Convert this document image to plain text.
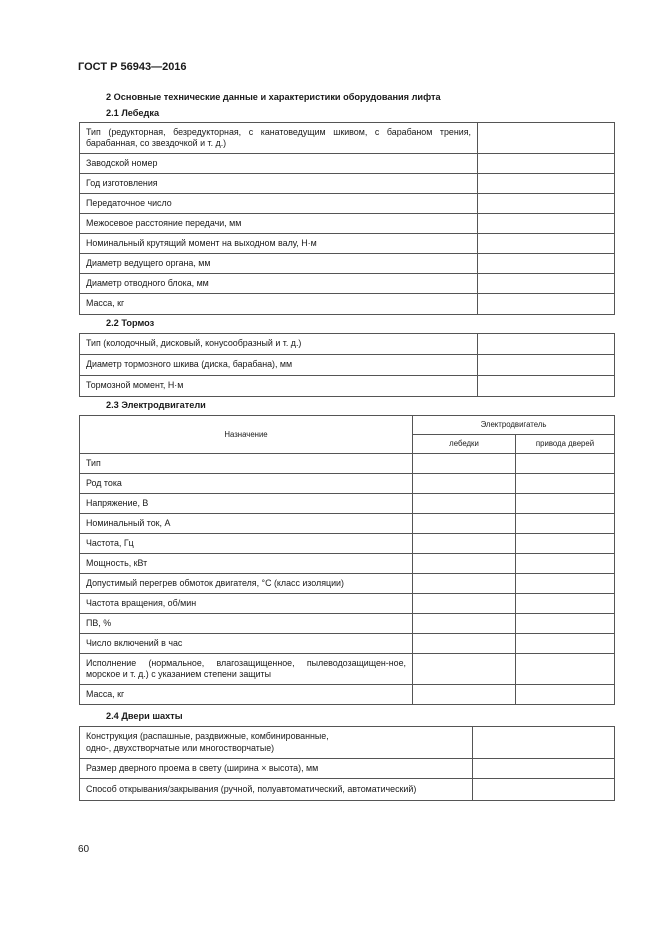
ГОСТ Р 56943—2016
2 Основные технические данные и характеристики оборудования лифта
2.1 Лебедка
Тип (редукторная, безредукторная, с канатоведущим шкивом, с барабаном трения, барабанная, со звездочкой и т. д.)	
Заводской номер	
Год изготовления	
Передаточное число	
Межосевое расстояние передачи, мм	
Номинальный крутящий момент на выходном валу, Н·м	
Диаметр ведущего органа, мм	
Диаметр отводного блока, мм	
Масса, кг	
2.2 Тормоз
Тип (колодочный, дисковый, конусообразный и т. д.)	
Диаметр тормозного шкива (диска, барабана), мм	
Тормозной момент, Н·м	
2.3 Электродвигатели
Назначение	Электродвигатель	
	лебедки	привода дверей
Тип		
Род тока		
Напряжение, В		
Номинальный ток, А		
Частота, Гц		
Мощность, кВт		
Допустимый перегрев обмоток двигателя, °С (класс изоляции)		
Частота вращения, об/мин		
ПВ, %		
Число включений в час		
Исполнение (нормальное, влагозащищенное, пылеводозащищен-ное, морское и т. д.) с указанием степени защиты		
Масса, кг		
2.4 Двери шахты
Конструкция (распашные, раздвижные, комбинированные,
одно-, двухстворчатые или многостворчатые)	

Размер дверного проема в свету (ширина × высота), мм	
Способ открывания/закрывания (ручной, полуавтоматический, автоматический)	
60
